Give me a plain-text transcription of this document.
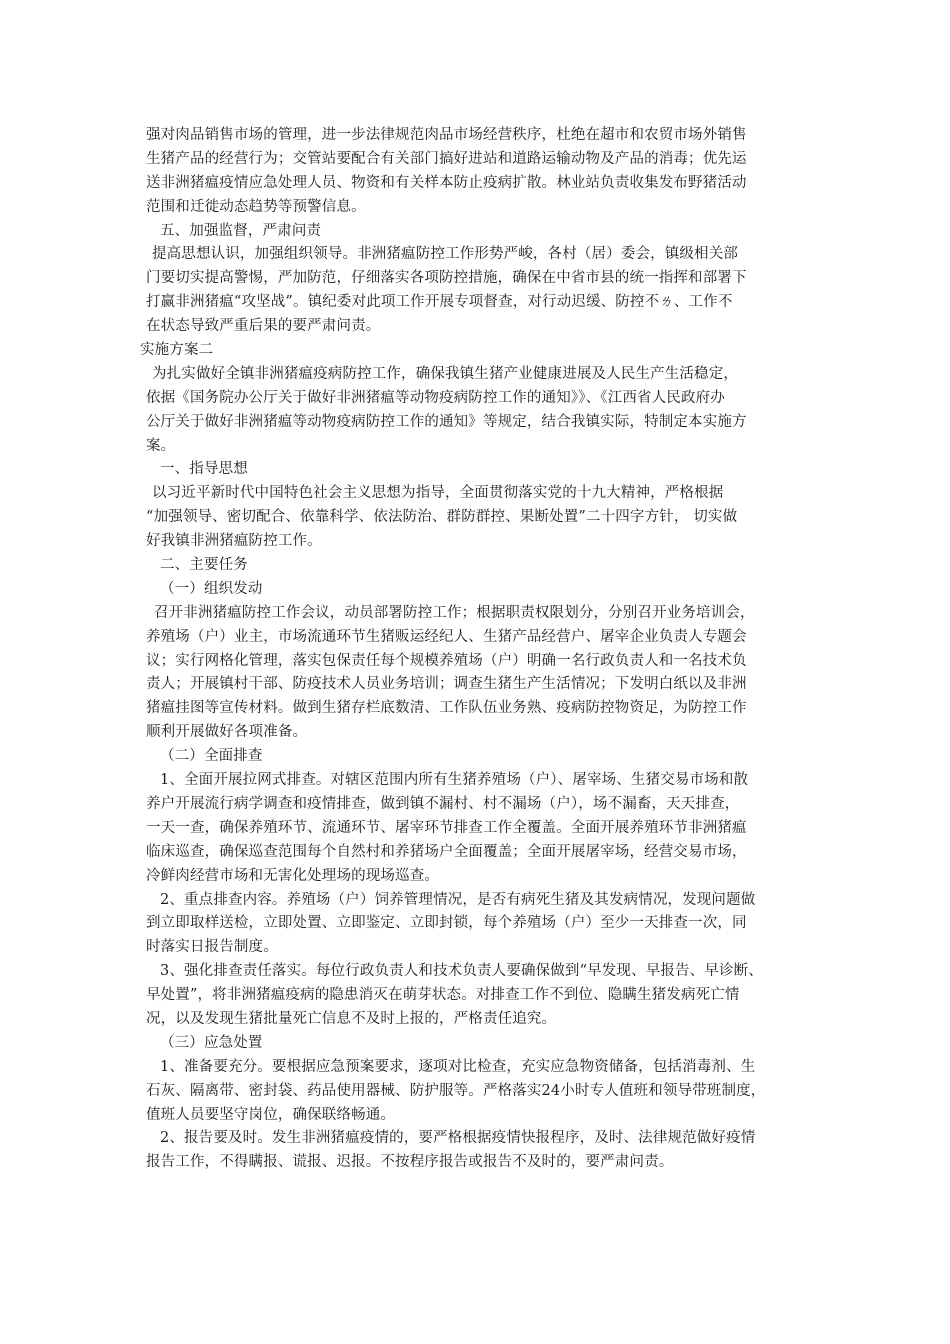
强对肉品销售市场的管理，进一步法律规范肉品市场经营秩序，杜绝在超市和农贸市场外销售
生猪产品的经营行为；交管站要配合有关部门搞好进站和道路运输动物及产品的消毒；优先运
送非洲猪瘟疫情应急处理人员、物资和有关样本防止疫病扩散。林业站负责收集发布野猪活动
范围和迁徙动态趋势等预警信息。
五、加强监督，严肃问责
提高思想认识，加强组织领导。非洲猪瘟防控工作形势严峻，各村（居）委会，镇级相关部
门要切实提高警惕，严加防范，仔细落实各项防控措施，确保在中省市县的统一指挥和部署下
打赢非洲猪瘟“攻坚战”。镇纪委对此项工作开展专项督查，对行动迟缓、防控不ㄌ、工作不
在状态导致严重后果的要严肃问责。
实施方案二
为扎实做好全镇非洲猪瘟疫病防控工作，确保我镇生猪产业健康进展及人民生产生活稳定，
依据《国务院办公厅关于做好非洲猪瘟等动物疫病防控工作的通知》》、《江西省人民政府办
公厅关于做好非洲猪瘟等动物疫病防控工作的通知》等规定，结合我镇实际，特制定本实施方
案。
一、指导思想
以习近平新时代中国特色社会主义思想为指导，全面贯彻落实党的十九大精神，严格根据
“加强领导、密切配合、依靠科学、依法防治、群防群控、果断处置”二十四字方针， 切实做
好我镇非洲猪瘟防控工作。
二、主要任务
（一）组织发动
召开非洲猪瘟防控工作会议，动员部署防控工作；根据职责权限划分，分别召开业务培训会，
养殖场（户）业主，市场流通环节生猪贩运经纪人、生猪产品经营户、屠宰企业负责人专题会
议；实行网格化管理，落实包保责任每个规模养殖场（户）明确一名行政负责人和一名技术负
责人；开展镇村干部、防疫技术人员业务培训；调查生猪生产生活情况；下发明白纸以及非洲
猪瘟挂图等宣传材料。做到生猪存栏底数清、工作队伍业务熟、疫病防控物资足，为防控工作
顺利开展做好各项准备。
（二）全面排查
1、全面开展拉网式排查。对辖区范围内所有生猪养殖场（户）、屠宰场、生猪交易市场和散
养户开展流行病学调查和疫情排查，做到镇不漏村、村不漏场（户），场不漏畜，天天排查，
一天一查，确保养殖环节、流通环节、屠宰环节排查工作全覆盖。全面开展养殖环节非洲猪瘟
临床巡查，确保巡查范围每个自然村和养猪场户全面覆盖；全面开展屠宰场，经营交易市场，
冷鲜肉经营市场和无害化处理场的现场巡查。
2、重点排查内容。养殖场（户）饲养管理情况，是否有病死生猪及其发病情况，发现问题做
到立即取样送检，立即处置、立即鉴定、立即封锁，每个养殖场（户）至少一天排查一次，同
时落实日报告制度。
3、强化排查责任落实。每位行政负责人和技术负责人要确保做到“早发现、早报告、早诊断、
早处置”，将非洲猪瘟疫病的隐患消灭在萌芽状态。对排查工作不到位、隐瞒生猪发病死亡情
况，以及发现生猪批量死亡信息不及时上报的，严格责任追究。
（三）应急处置
1、准备要充分。要根据应急预案要求，逐项对比检查，充实应急物资储备，包括消毒剂、生
石灰、隔离带、密封袋、药品使用器械、防护服等。严格落实24小时专人值班和领导带班制度，
值班人员要坚守岗位，确保联络畅通。
2、报告要及时。发生非洲猪瘟疫情的，要严格根据疫情快报程序，及时、法律规范做好疫情
报告工作，不得瞒报、谎报、迟报。不按程序报告或报告不及时的，要严肃问责。
